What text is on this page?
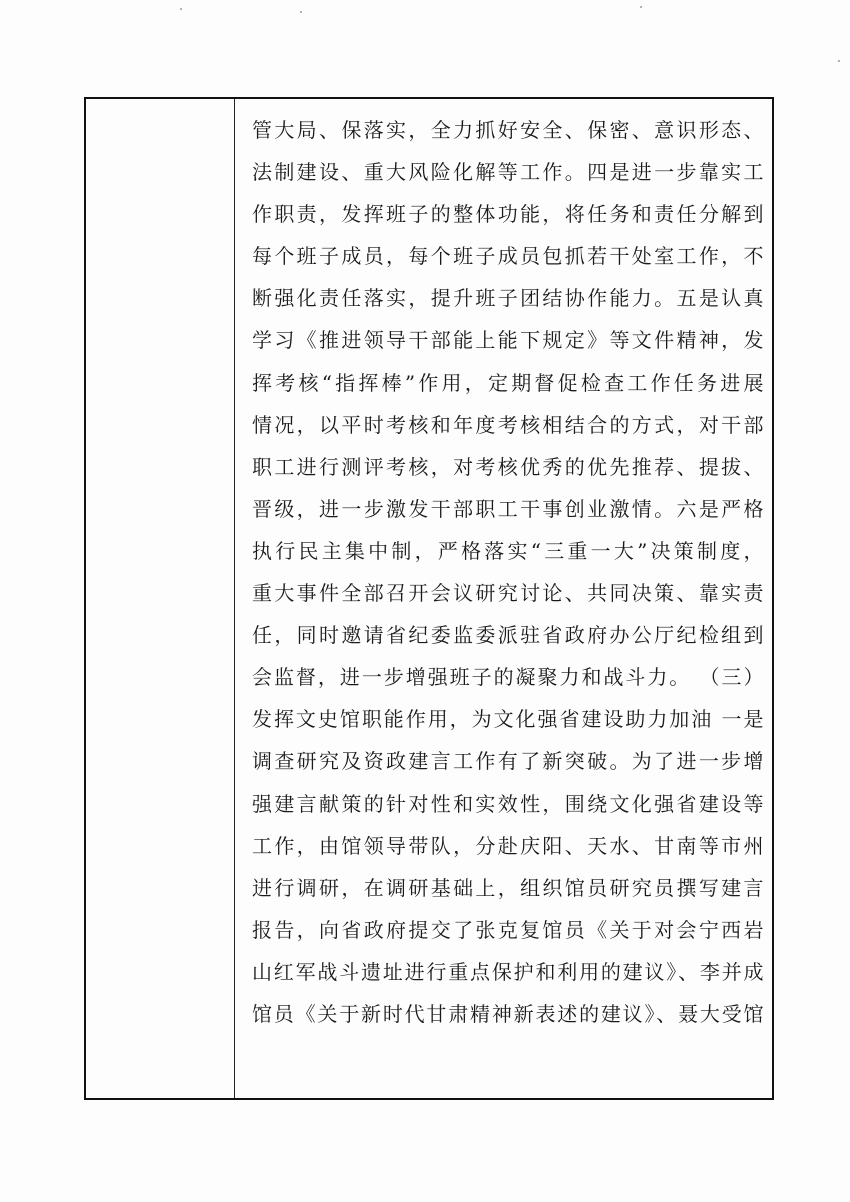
管大局、保落实，全力抓好安全、保密、意识形态、
法制建设、重大风险化解等工作。四是进一步靠实工
作职责，发挥班子的整体功能，将任务和责任分解到
每个班子成员，每个班子成员包抓若干处室工作，不
断强化责任落实，提升班子团结协作能力。五是认真
学习《推进领导干部能上能下规定》等文件精神，发
挥考核“指挥棒”作用，定期督促检查工作任务进展
情况，以平时考核和年度考核相结合的方式，对干部
职工进行测评考核，对考核优秀的优先推荐、提拔、
晋级，进一步激发干部职工干事创业激情。六是严格
执行民主集中制，严格落实“三重一大”决策制度，
重大事件全部召开会议研究讨论、共同决策、靠实责
任，同时邀请省纪委监委派驻省政府办公厅纪检组到
会监督，进一步增强班子的凝聚力和战斗力。 （三）
发挥文史馆职能作用，为文化强省建设助力加油 一是
调查研究及资政建言工作有了新突破。为了进一步增
强建言献策的针对性和实效性，围绕文化强省建设等
工作，由馆领导带队，分赴庆阳、天水、甘南等市州
进行调研，在调研基础上，组织馆员研究员撰写建言
报告，向省政府提交了张克复馆员《关于对会宁西岩
山红军战斗遗址进行重点保护和利用的建议》、李并成
馆员《关于新时代甘肃精神新表述的建议》、聂大受馆
